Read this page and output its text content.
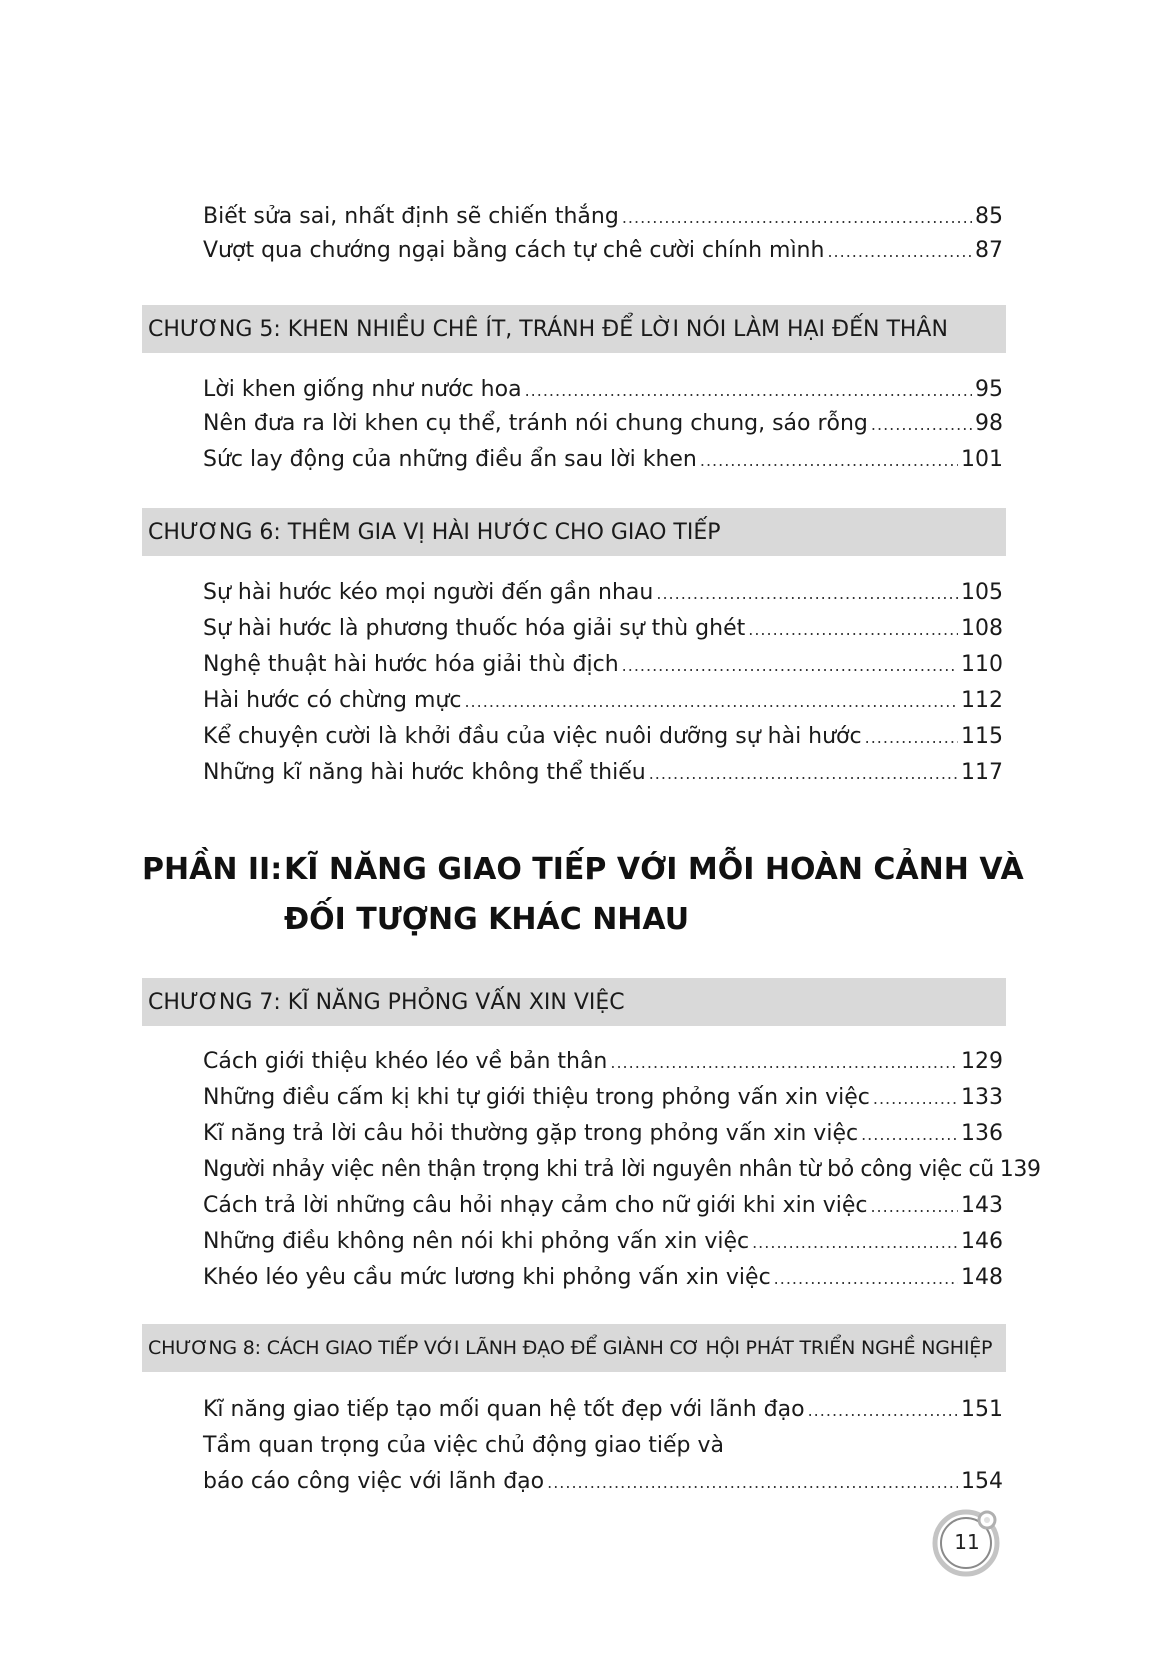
Biết sửa sai, nhất định sẽ chiến thắng .....	85
Vượt qua chướng ngại bằng cách tự chê cười chính mình .....	87
CHƯƠNG 5: KHEN NHIỀU CHÊ ÍT, TRÁNH ĐỂ LỜI NÓI LÀM HẠI ĐẾN THÂN
Lời khen giống như nước hoa .....	95
Nên đưa ra lời khen cụ thể, tránh nói chung chung, sáo rỗng .....	98
Sức lay động của những điều ẩn sau lời khen .....	101
CHƯƠNG 6: THÊM GIA VỊ HÀI HƯỚC CHO GIAO TIẾP
Sự hài hước kéo mọi người đến gần nhau .....	105
Sự hài hước là phương thuốc hóa giải sự thù ghét .....	108
Nghệ thuật hài hước hóa giải thù địch .....	110
Hài hước có chừng mực .....	112
Kể chuyện cười là khởi đầu của việc nuôi dưỡng sự hài hước .....	115
Những kĩ năng hài hước không thể thiếu .....	117
PHẦN II: KĨ NĂNG GIAO TIẾP VỚI MỖI HOÀN CẢNH VÀ
ĐỐI TƯỢNG KHÁC NHAU
CHƯƠNG 7: KĨ NĂNG PHỎNG VẤN XIN VIỆC
Cách giới thiệu khéo léo về bản thân .....	129
Những điều cấm kị khi tự giới thiệu trong phỏng vấn xin việc .....	133
Kĩ năng trả lời câu hỏi thường gặp trong phỏng vấn xin việc .....	136
Người nhảy việc nên thận trọng khi trả lời nguyên nhân từ bỏ công việc cũ 139
Cách trả lời những câu hỏi nhạy cảm cho nữ giới khi xin việc .....	143
Những điều không nên nói khi phỏng vấn xin việc .....	146
Khéo léo yêu cầu mức lương khi phỏng vấn xin việc .....	148
CHƯƠNG 8: CÁCH GIAO TIẾP VỚI LÃNH ĐẠO ĐỂ GIÀNH CƠ HỘI PHÁT TRIỂN NGHỀ NGHIỆP
Kĩ năng giao tiếp tạo mối quan hệ tốt đẹp với lãnh đạo .....	151
Tầm quan trọng của việc chủ động giao tiếp và
báo cáo công việc với lãnh đạo .....	154
11
